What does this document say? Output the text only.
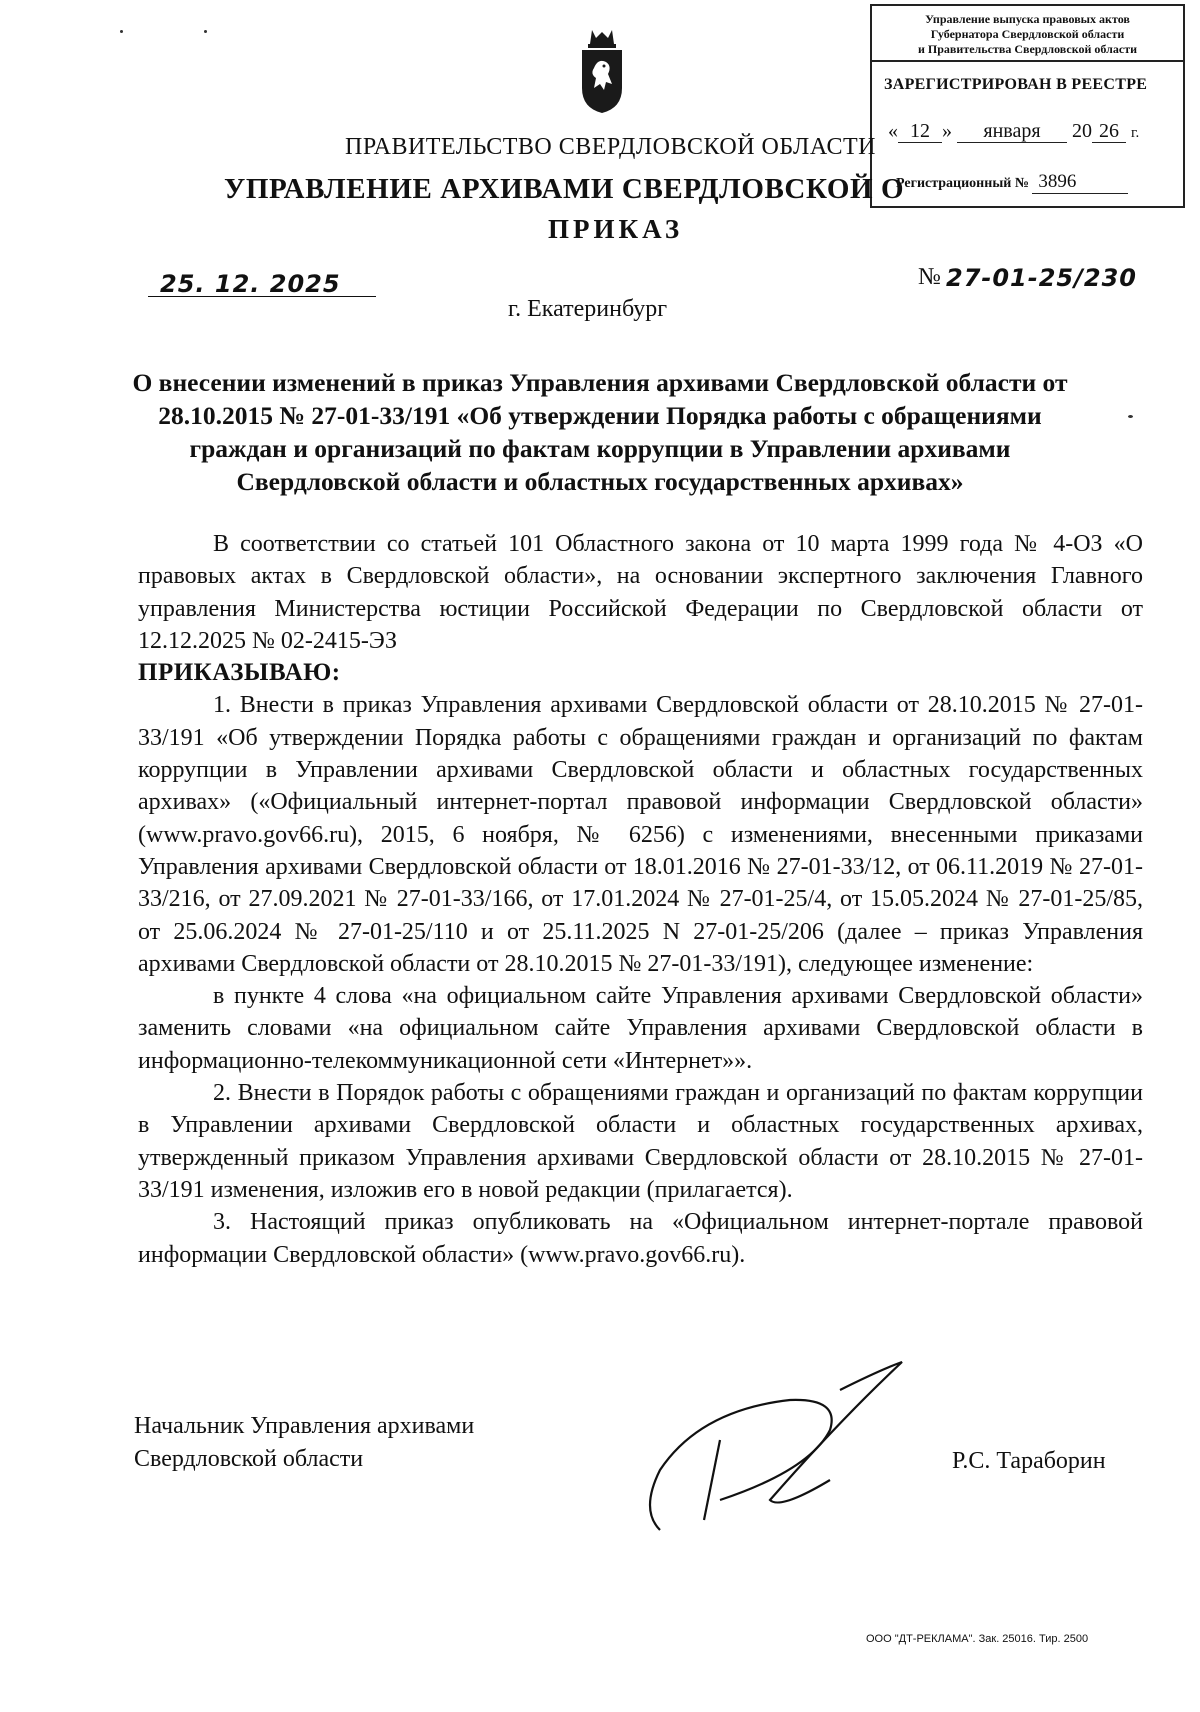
Управление выпуска правовых актов
Губернатора Свердловской области
и Правительства Свердловской области
ЗАРЕГИСТРИРОВАН В РЕЕСТРЕ
« 12 » января 20 26 г.
Регистрационный № 3896
ПРАВИТЕЛЬСТВО СВЕРДЛОВСКОЙ ОБЛАСТИ
УПРАВЛЕНИЕ АРХИВАМИ СВЕРДЛОВСКОЙ О
ПРИКАЗ
25. 12. 2025	№ 27-01-25/230
г. Екатеринбург
О внесении изменений в приказ Управления архивами Свердловской области от 28.10.2015 № 27-01-33/191 «Об утверждении Порядка работы с обращениями граждан и организаций по фактам коррупции в Управлении архивами Свердловской области и областных государственных архивах»

В соответствии со статьей 101 Областного закона от 10 марта 1999 года № 4-ОЗ «О правовых актах в Свердловской области», на основании экспертного заключения Главного управления Министерства юстиции Российской Федерации по Свердловской области от 12.12.2025 № 02-2415-ЭЗ

ПРИКАЗЫВАЮ:

1. Внести в приказ Управления архивами Свердловской области от 28.10.2015 № 27-01-33/191 «Об утверждении Порядка работы с обращениями граждан и организаций по фактам коррупции в Управлении архивами Свердловской области и областных государственных архивах» («Официальный интернет-портал правовой информации Свердловской области» (www.pravo.gov66.ru), 2015, 6 ноября, № 6256) с изменениями, внесенными приказами Управления архивами Свердловской области от 18.01.2016 № 27-01-33/12, от 06.11.2019 № 27-01-33/216, от 27.09.2021 № 27-01-33/166, от 17.01.2024 № 27-01-25/4, от 15.05.2024 № 27-01-25/85, от 25.06.2024 № 27-01-25/110 и от 25.11.2025 N 27-01-25/206 (далее – приказ Управления архивами Свердловской области от 28.10.2015 № 27-01-33/191), следующее изменение:

в пункте 4 слова «на официальном сайте Управления архивами Свердловской области» заменить словами «на официальном сайте Управления архивами Свердловской области в информационно-телекоммуникационной сети «Интернет»».

2. Внести в Порядок работы с обращениями граждан и организаций по фактам коррупции в Управлении архивами Свердловской области и областных государственных архивах, утвержденный приказом Управления архивами Свердловской области от 28.10.2015 № 27-01-33/191 изменения, изложив его в новой редакции (прилагается).

3. Настоящий приказ опубликовать на «Официальном интернет-портале правовой информации Свердловской области» (www.pravo.gov66.ru).

Начальник Управления архивами
Свердловской области	Р.С. Тараборин
ООО "ДТ-РЕКЛАМА". Зак. 25016. Тир. 2500
